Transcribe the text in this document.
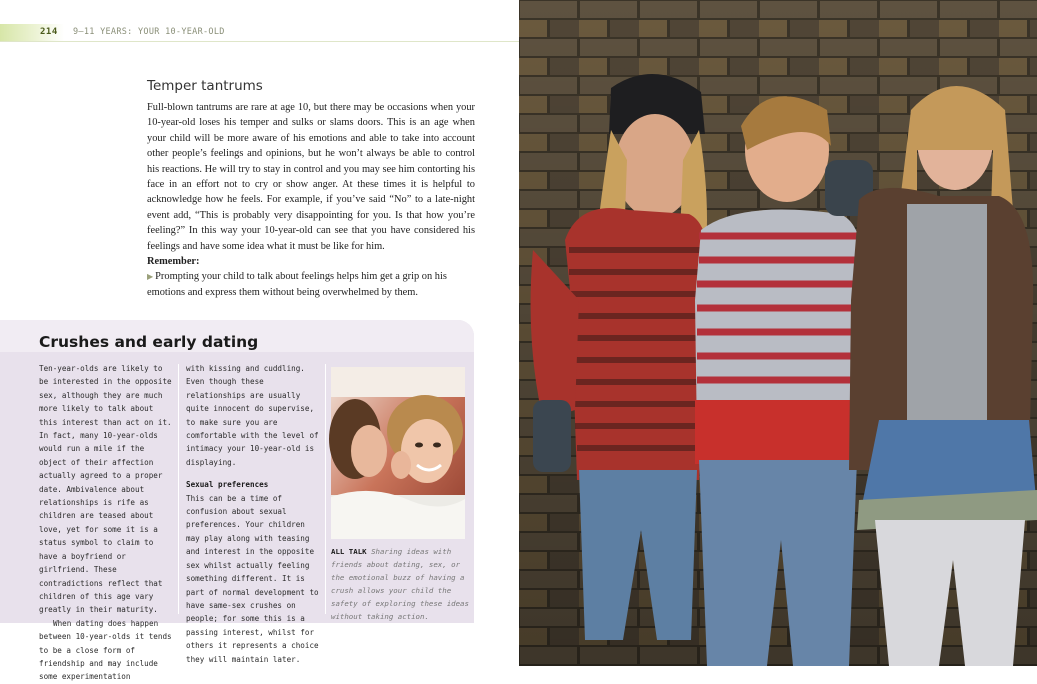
214	9–11 YEARS: YOUR 10-YEAR-OLD
Temper tantrums

Full-blown tantrums are rare at age 10, but there may be occasions when your 10-year-old loses his temper and sulks or slams doors. This is an age when your child will be more aware of his emotions and able to take into account other people’s feelings and opinions, but he won’t always be able to control his reactions. He will try to stay in control and you may see him contorting his face in an effort not to cry or show anger. At these times it is helpful to acknowledge how he feels. For example, if you’ve said “No” to a late-night event add, “This is probably very disappointing for you. Is that how you’re feeling?” In this way your 10-year-old can see that you have considered his feelings and have some idea what it must be like for him.

Remember:

▶ Prompting your child to talk about feelings helps him get a grip on his emotions and express them without being overwhelmed by them.

Crushes and early dating

Ten-year-olds are likely to be interested in the opposite sex, although they are much more likely to talk about this interest than act on it. In fact, many 10-year-olds would run a mile if the object of their affection actually agreed to a proper date. Ambivalence about relationships is rife as children are teased about love, yet for some it is a status symbol to claim to have a boyfriend or girlfriend. These contradictions reflect that children of this age vary greatly in their maturity.

When dating does happen between 10-year-olds it tends to be a close form of friendship and may include some experimentation

with kissing and cuddling. Even though these relationships are usually quite innocent do supervise, to make sure you are comfortable with the level of intimacy your 10-year-old is displaying.

Sexual preferences

This can be a time of confusion about sexual preferences. Your children may play along with teasing and interest in the opposite sex whilst actually feeling something different. It is part of normal development to have same-sex crushes on people; for some this is a passing interest, whilst for others it represents a choice they will maintain later.

ALL TALK Sharing ideas with friends about dating, sex, or the emotional buzz of having a crush allows your child the safety of exploring these ideas without taking action.
